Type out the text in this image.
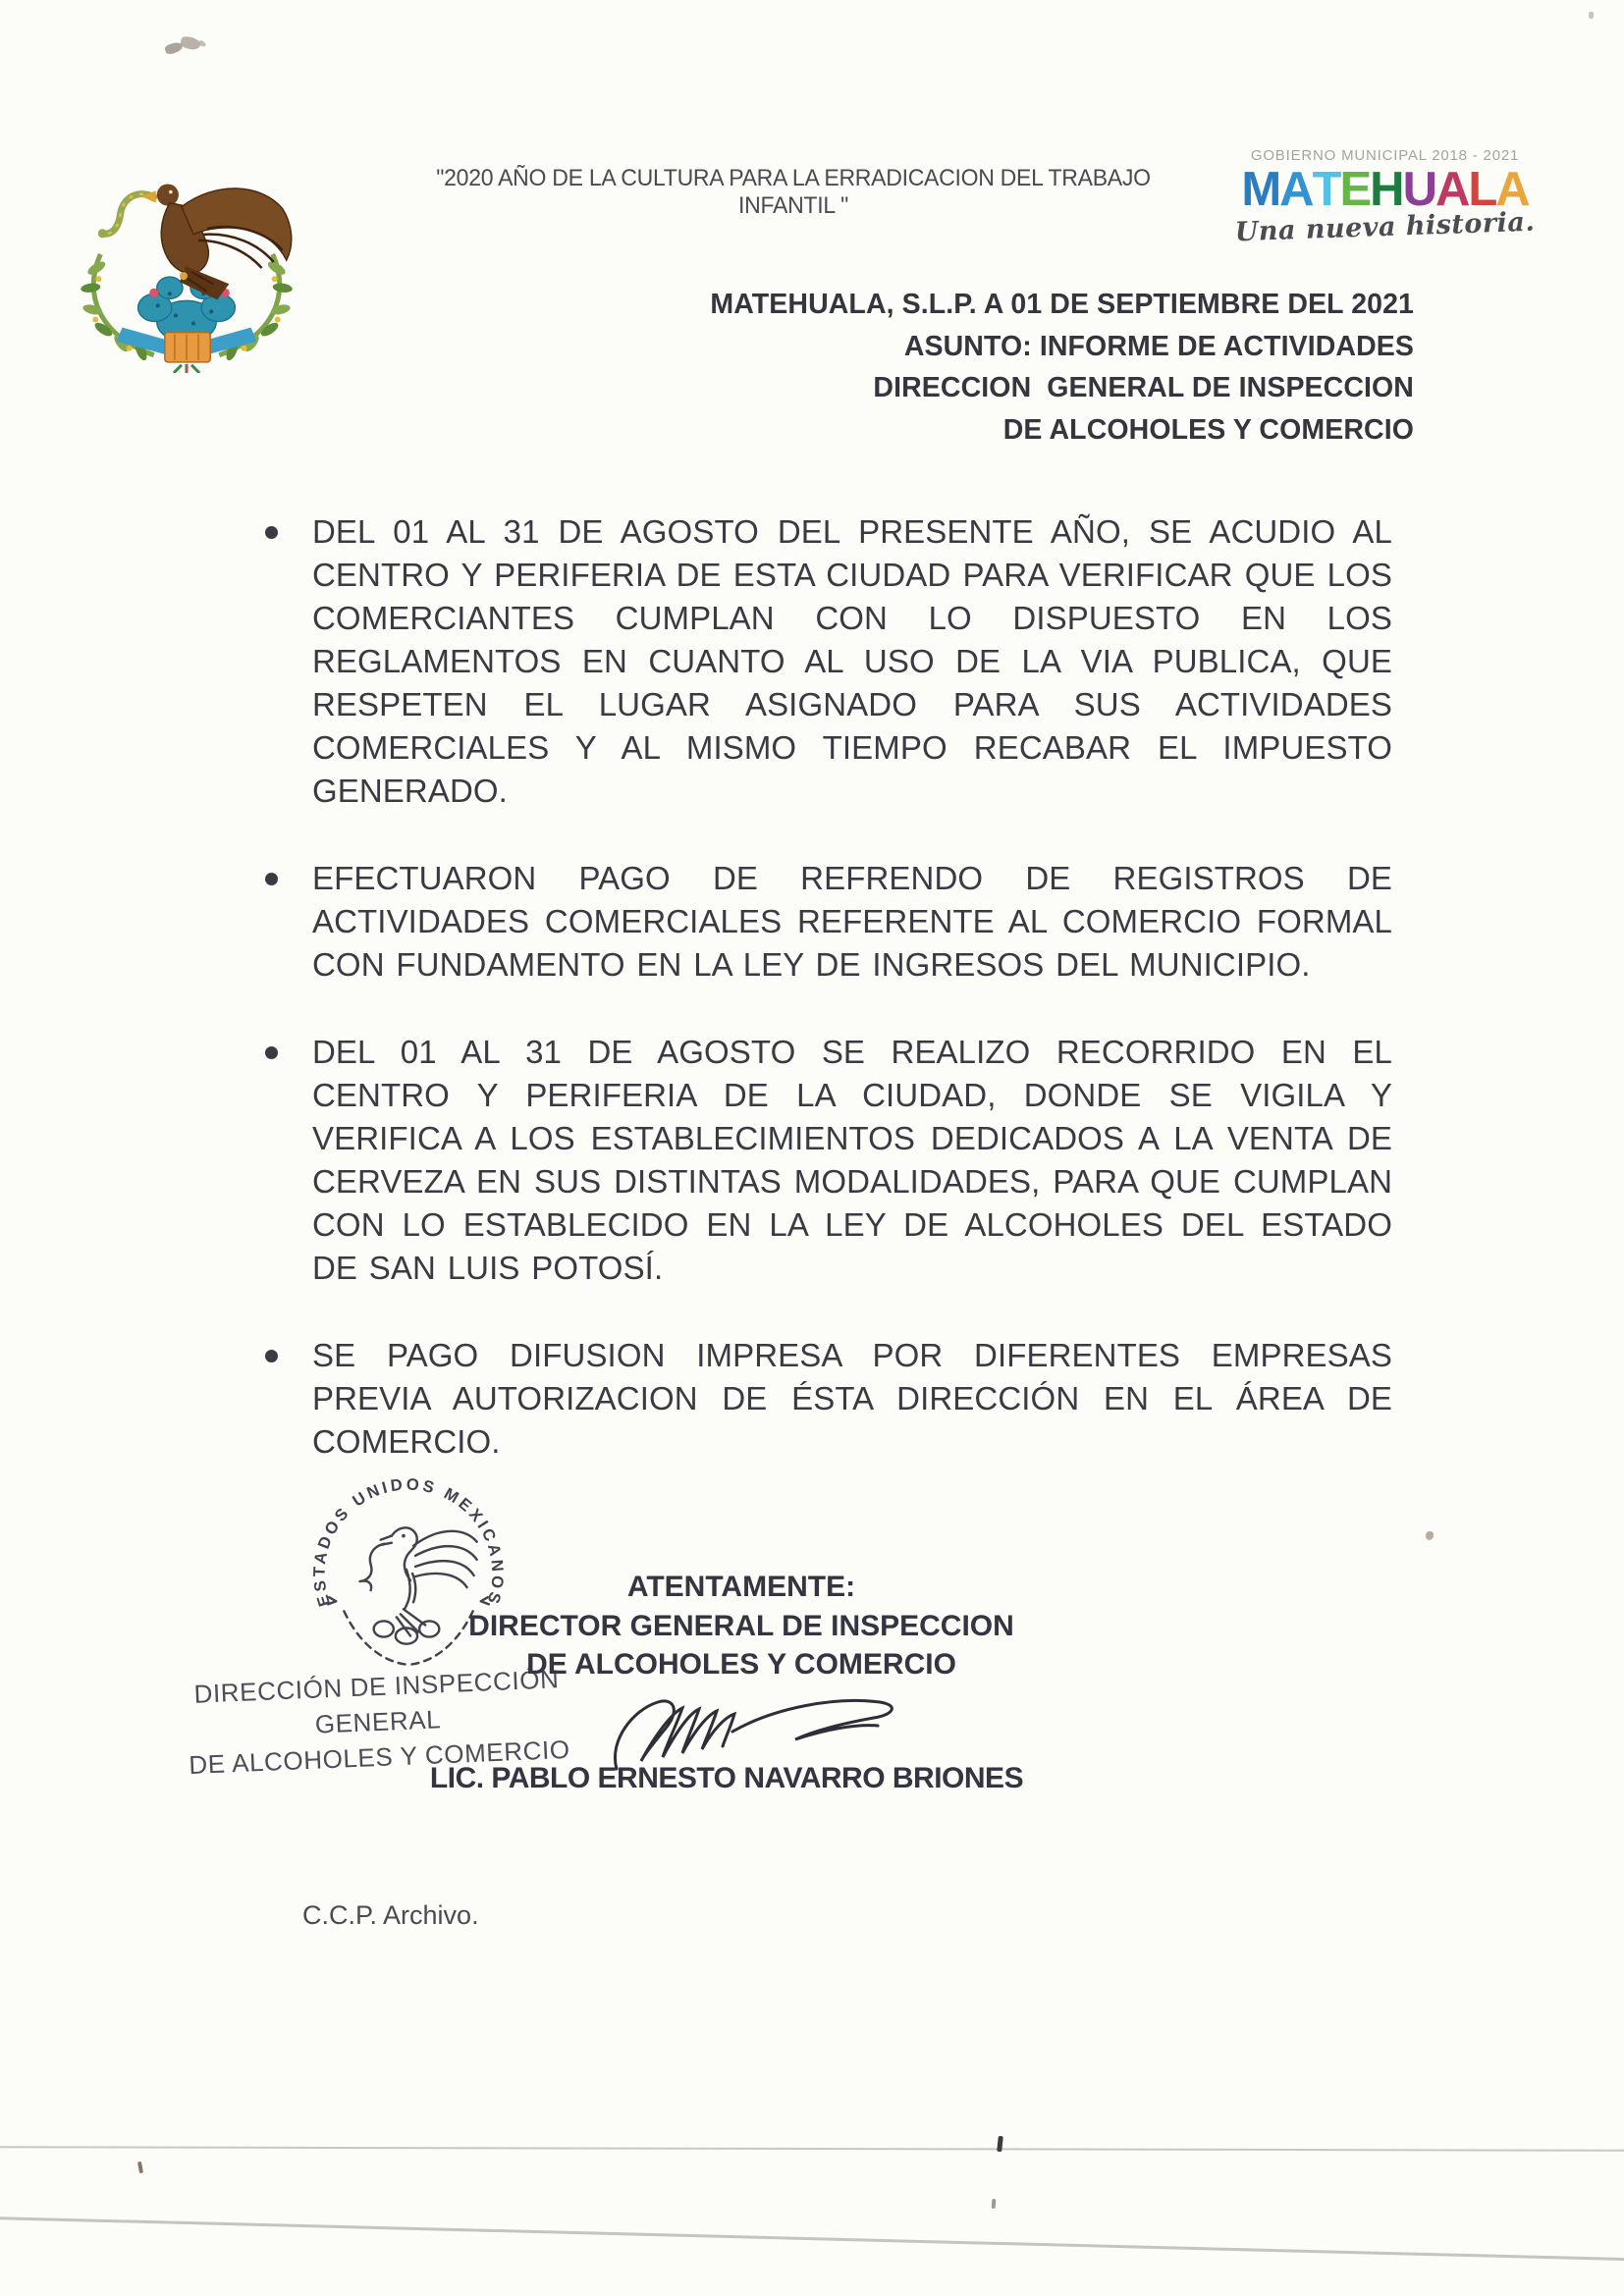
"2020 AÑO DE LA CULTURA PARA LA ERRADICACION DEL TRABAJO INFANTIL "
GOBIERNO MUNICIPAL 2018 - 2021
MATEHUALA
Una nueva historia.
MATEHUALA, S.L.P. A 01 DE SEPTIEMBRE DEL 2021
ASUNTO: INFORME DE ACTIVIDADES
DIRECCION  GENERAL DE INSPECCION
DE ALCOHOLES Y COMERCIO
DEL 01 AL 31 DE AGOSTO DEL PRESENTE AÑO, SE ACUDIO AL CENTRO Y PERIFERIA DE ESTA CIUDAD PARA VERIFICAR QUE LOS COMERCIANTES CUMPLAN CON LO DISPUESTO EN LOS REGLAMENTOS EN CUANTO AL USO DE LA VIA PUBLICA, QUE RESPETEN EL LUGAR ASIGNADO PARA SUS ACTIVIDADES COMERCIALES Y AL MISMO TIEMPO RECABAR EL IMPUESTO GENERADO.
EFECTUARON PAGO DE REFRENDO DE REGISTROS DE ACTIVIDADES COMERCIALES REFERENTE AL COMERCIO FORMAL CON FUNDAMENTO EN LA LEY DE INGRESOS DEL MUNICIPIO.
DEL 01 AL 31 DE AGOSTO SE REALIZO RECORRIDO EN EL CENTRO Y PERIFERIA DE LA CIUDAD, DONDE SE VIGILA Y VERIFICA A LOS ESTABLECIMIENTOS DEDICADOS A LA VENTA DE CERVEZA EN SUS DISTINTAS MODALIDADES, PARA QUE CUMPLAN CON LO ESTABLECIDO EN LA LEY DE ALCOHOLES DEL ESTADO DE SAN LUIS POTOSÍ.
SE PAGO DIFUSION IMPRESA POR DIFERENTES EMPRESAS PREVIA AUTORIZACION DE ÉSTA DIRECCIÓN EN EL ÁREA DE COMERCIO.
ESTADOS UNIDOS MEXICANOS
DIRECCIÓN DE INSPECCIÓN GENERAL
DE ALCOHOLES Y COMERCIO
ATENTAMENTE:
DIRECTOR GENERAL DE INSPECCION
DE ALCOHOLES Y COMERCIO
LIC. PABLO ERNESTO NAVARRO BRIONES
C.C.P. Archivo.
